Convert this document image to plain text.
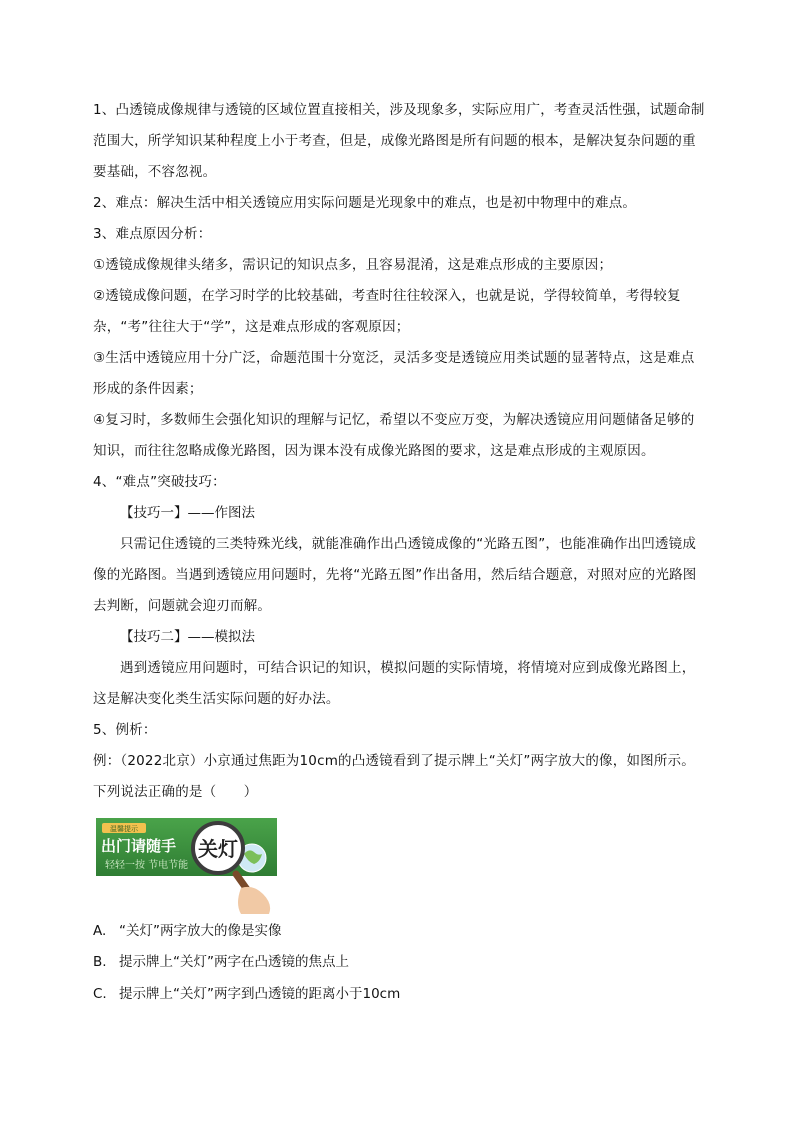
1、凸透镜成像规律与透镜的区域位置直接相关，涉及现象多，实际应用广，考查灵活性强，试题命制范围大，所学知识某种程度上小于考查，但是，成像光路图是所有问题的根本，是解决复杂问题的重要基础，不容忽视。

2、难点：解决生活中相关透镜应用实际问题是光现象中的难点，也是初中物理中的难点。

3、难点原因分析：

①透镜成像规律头绪多，需识记的知识点多，且容易混淆，这是难点形成的主要原因；

②透镜成像问题，在学习时学的比较基础，考查时往往较深入，也就是说，学得较简单，考得较复杂，“考”往往大于“学”，这是难点形成的客观原因；

③生活中透镜应用十分广泛，命题范围十分宽泛，灵活多变是透镜应用类试题的显著特点，这是难点形成的条件因素；

④复习时，多数师生会强化知识的理解与记忆，希望以不变应万变，为解决透镜应用问题储备足够的知识，而往往忽略成像光路图，因为课本没有成像光路图的要求，这是难点形成的主观原因。

4、“难点”突破技巧：

【技巧一】——作图法

只需记住透镜的三类特殊光线，就能准确作出凸透镜成像的“光路五图”，也能准确作出凹透镜成像的光路图。当遇到透镜应用问题时，先将“光路五图”作出备用，然后结合题意，对照对应的光路图去判断，问题就会迎刃而解。

【技巧二】——模拟法

遇到透镜应用问题时，可结合识记的知识，模拟问题的实际情境，将情境对应到成像光路图上，这是解决变化类生活实际问题的好办法。

5、例析：

例：（2022北京）小京通过焦距为10cm的凸透镜看到了提示牌上“关灯”两字放大的像，如图所示。下列说法正确的是（　　）

温馨提示
出门请随手
轻轻一按 节电节能
关灯
A. “关灯”两字放大的像是实像
B. 提示牌上“关灯”两字在凸透镜的焦点上
C. 提示牌上“关灯”两字到凸透镜的距离小于10cm
